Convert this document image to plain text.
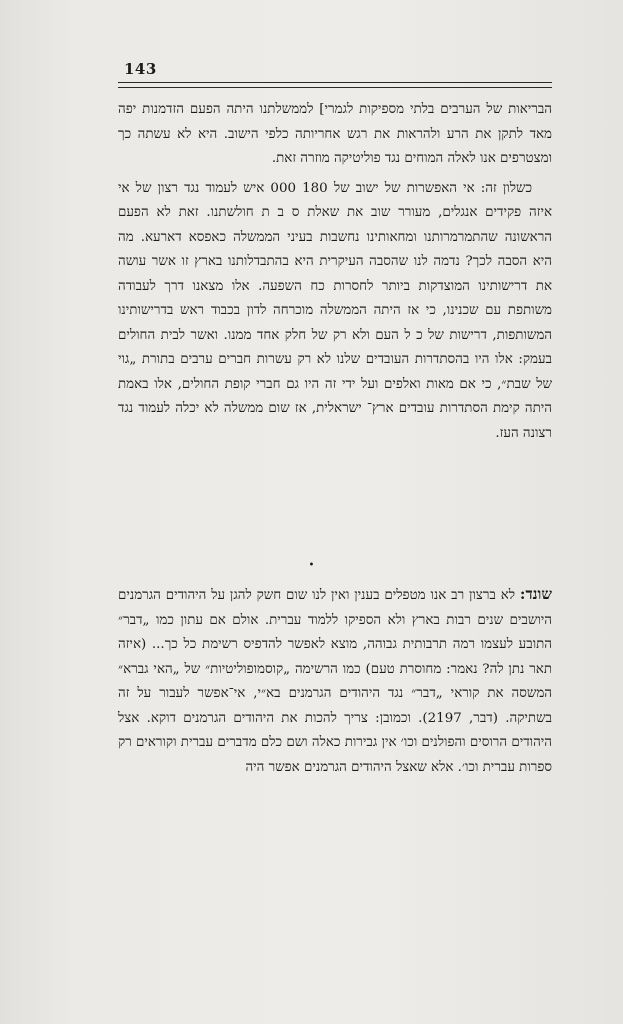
143

הבריאות של הערבים בלתי מספיקות לגמרי] לממשלתנו היתה הפעם הזדמנות יפה מאד לתקן את הרע ולהראות את רגש אחריותה כלפי הישוב. היא לא עשתה כך ומצטרפים אנו לאלה המוחים נגד פוליטיקה מוזרה זאת.

כשלון זה: אי האפשרות של ישוב של 180 000 איש לעמוד נגד רצון של אי איזה פקידים אנגלים, מעורר שוב את שאלת ס ב ת חולשתנו. זאת לא הפעם הראשונה שהתמרמרותנו ומחאותינו נחשבות בעיני הממשלה כאפסא דארעא. מה היא הסבה לכך? נדמה לנו שהסבה העיקרית היא בהתבדלותנו בארץ זו אשר עושה את דרישותינו המוצדקות ביותר לחסרות כח השפעה. אלו מצאנו דרך לעבודה משותפת עם שכנינו, כי אז היתה הממשלה מוכרחה לדון בכבוד ראש בדרישותינו המשותפות, דרישות של כ ל העם ולא רק של חלק אחד ממנו. ואשר לבית החולים בעמק: אלו היו בהסתדרות העובדים שלנו לא רק עשרות חברים ערבים בתורת „גוי של שבת״, כי אם מאות ואלפים ועל ידי זה היו גם חברי קופת החולים, אלו באמת היתה קימת הסתדרות עובדים ארץ־ ישראלית, אז שום ממשלה לא יכלה לעמוד נגד רצונה העז.

•

שונד: לא ברצון רב אנו מטפלים בענין ואין לנו שום חשק להגן על היהודים הגרמנים היושבים שנים רבות בארץ ולא הספיקו ללמוד עברית. אולם אם עתון כמו „דבר״ התובע לעצמו רמה תרבותית גבוהה, מוצא לאפשר להדפיס רשימת כל כך... (איזה תאר נתן לה? נאמר: מחוסרת טעם) כמו הרשימה „קוסמופוליטיות״ של „האי גברא״ המשסה את קוראי „דבר״ נגד היהודים הגרמנים בא״י, אי־אפשר לעבור על זה בשתיקה. (דבר, 2197). וכמובן: צריך להכות את היהודים הגרמנים דוקא. אצל היהודים הרוסים והפולנים וכו׳ אין גבירות כאלה ושם כלם מדברים עברית וקוראים רק ספרות עברית וכו׳. אלא שאצל היהודים הגרמנים אפשר היה
